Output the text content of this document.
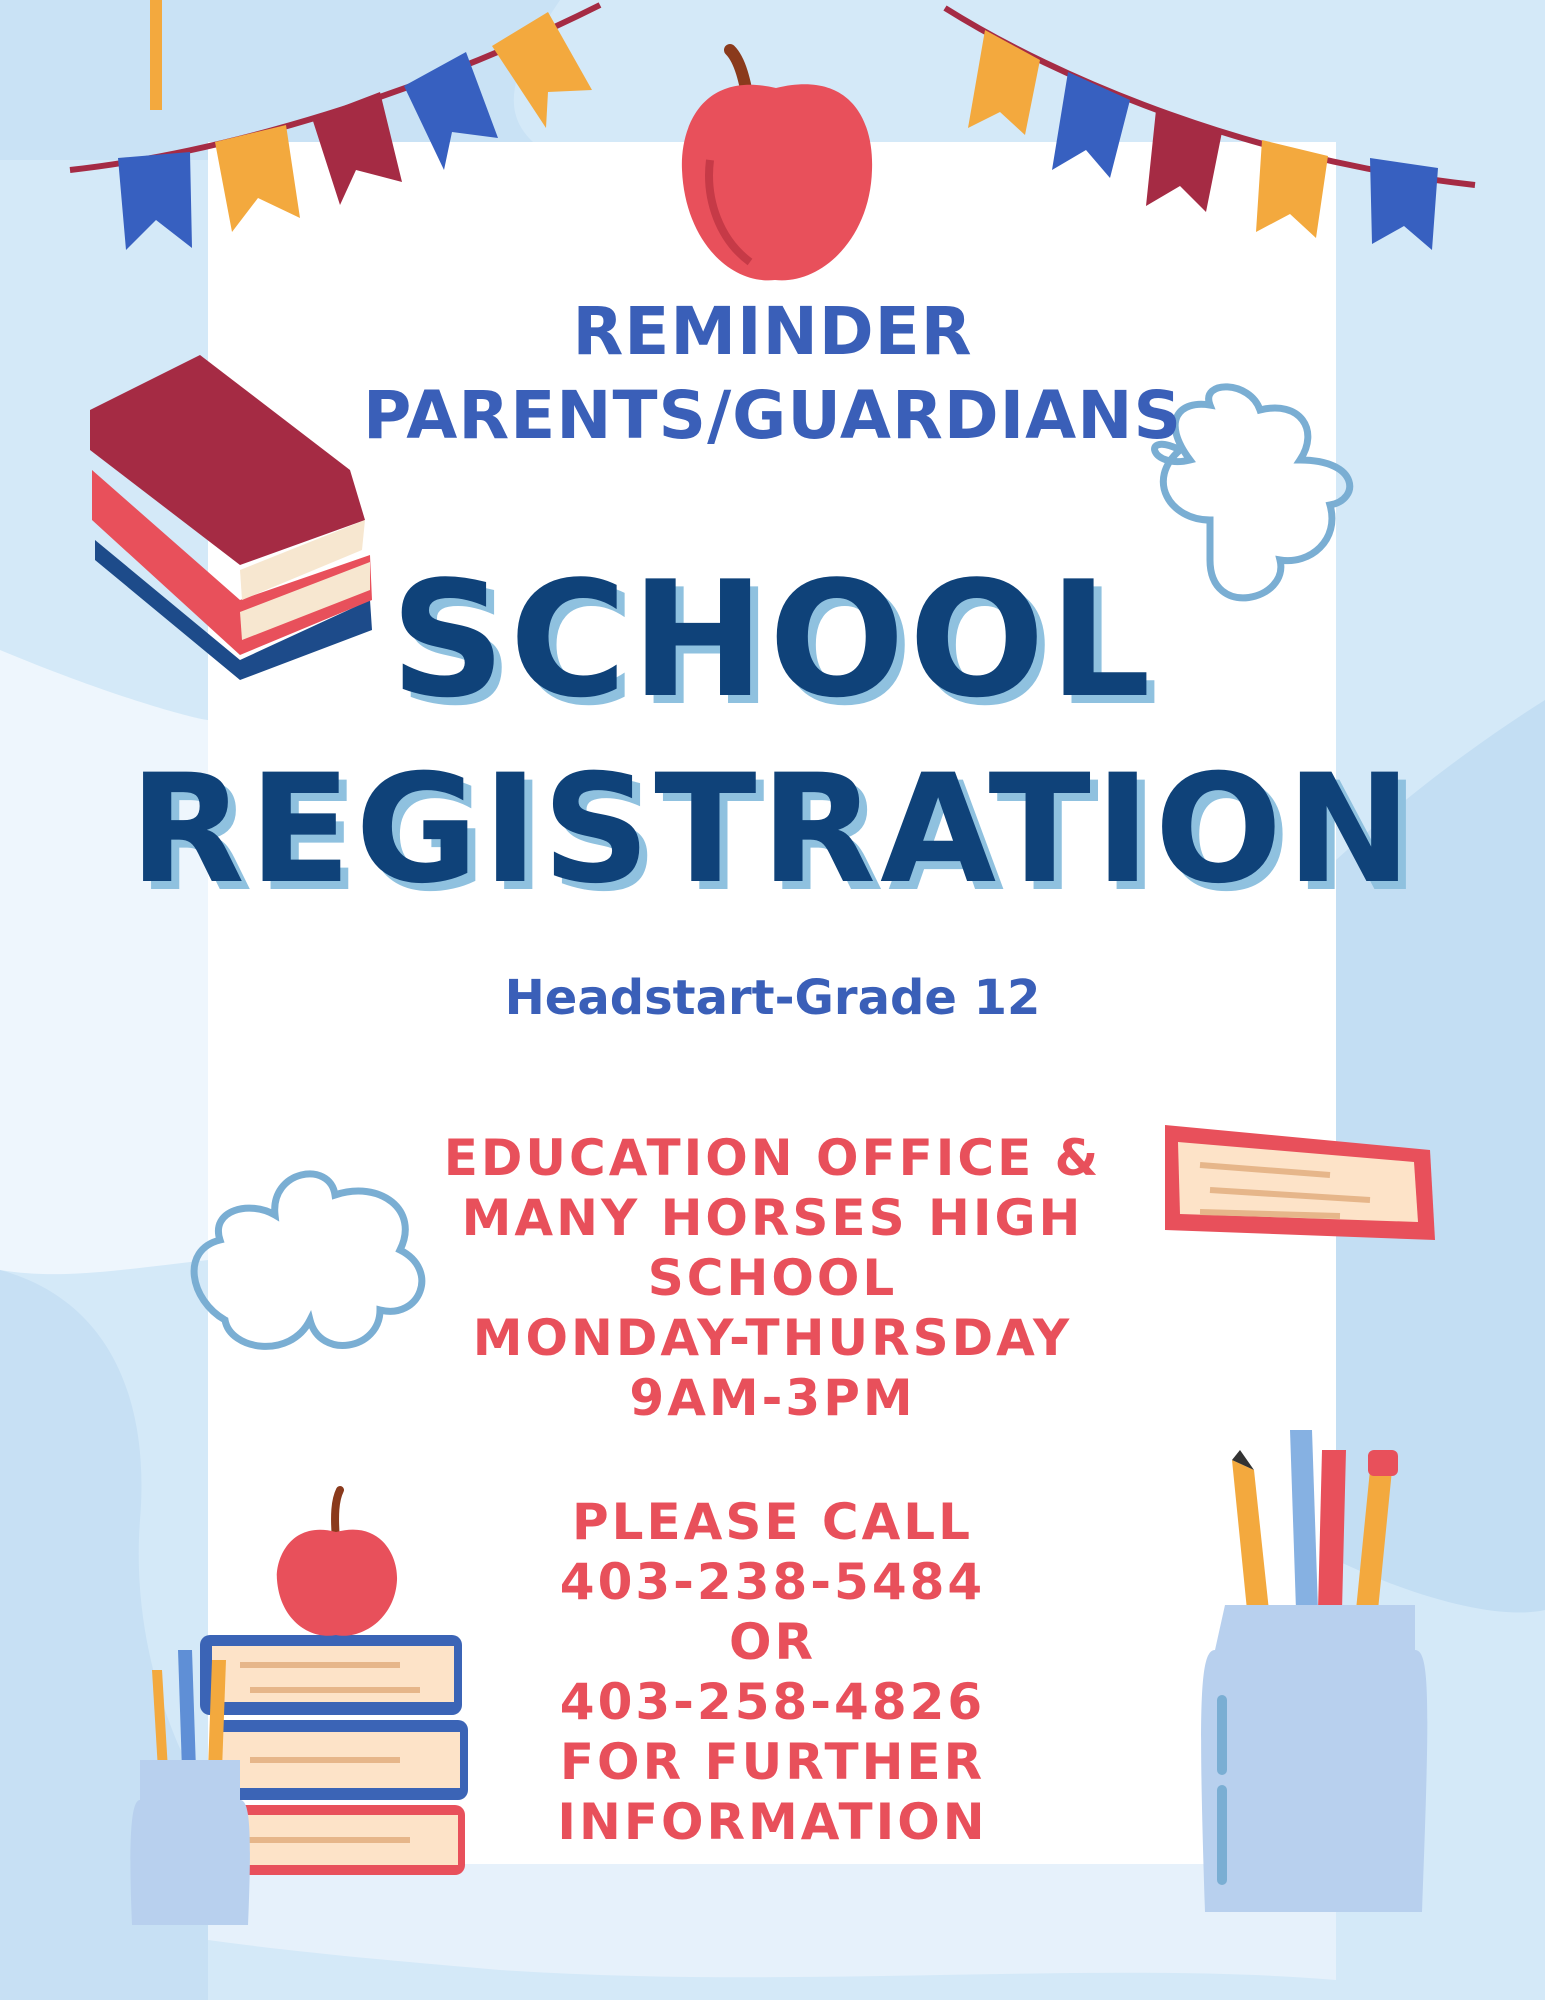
REMINDER
PARENTS/GUARDIANS
SCHOOL
REGISTRATION
Headstart-Grade 12
EDUCATION OFFICE &
MANY HORSES HIGH
SCHOOL
MONDAY-THURSDAY
9AM-3PM
PLEASE CALL
403-238-5484
OR
403-258-4826
FOR FURTHER
INFORMATION
